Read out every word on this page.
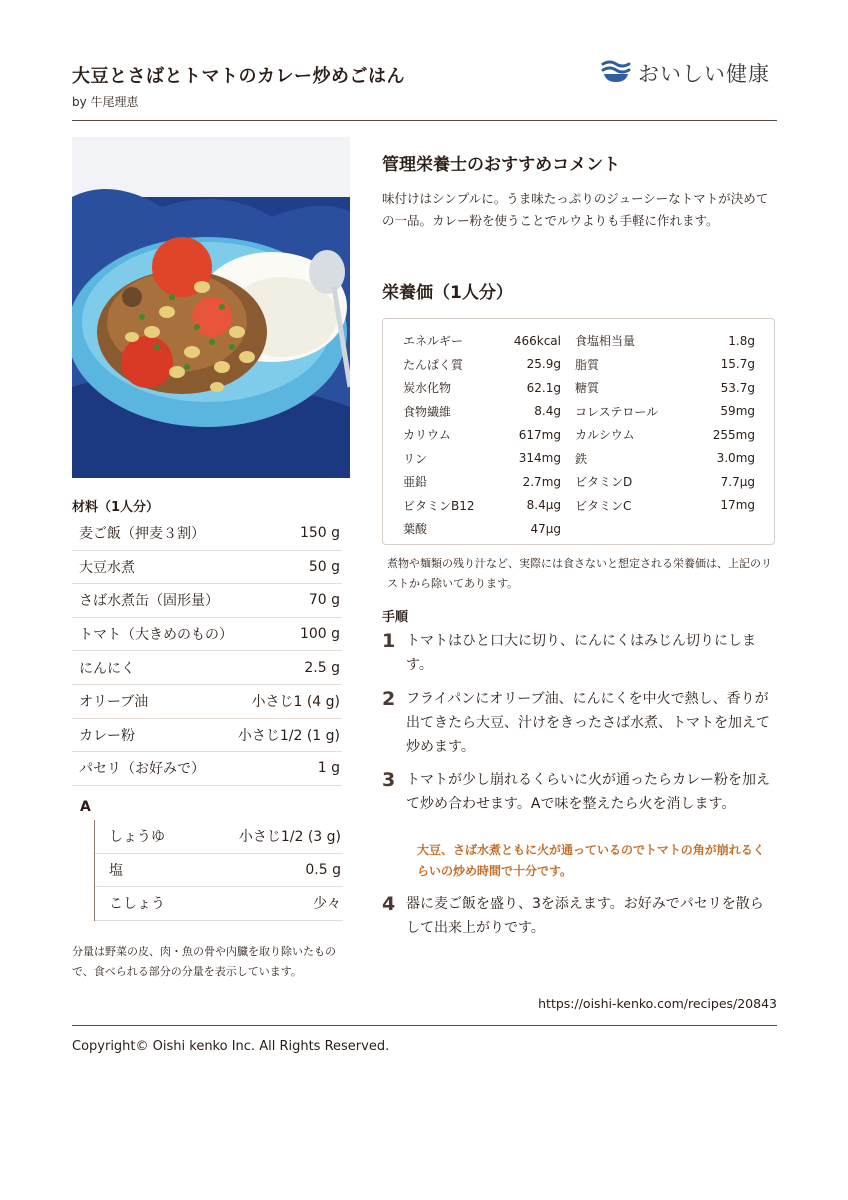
大豆とさばとトマトのカレー炒めごはん
by 牛尾理恵
おいしい健康
材料（1人分）
麦ご飯（押麦３割）	150 g
大豆水煮	50 g
さば水煮缶（固形量）	70 g
トマト（大きめのもの）	100 g
にんにく	2.5 g
オリーブ油	小さじ1 (4 g)
カレー粉	小さじ1/2 (1 g)
パセリ（お好みで）	1 g
A
しょうゆ	小さじ1/2 (3 g)
塩	0.5 g
こしょう	少々
分量は野菜の皮、肉・魚の骨や内臓を取り除いたもので、食べられる部分の分量を表示しています。
管理栄養士のおすすめコメント
味付けはシンプルに。うま味たっぷりのジューシーなトマトが決めての一品。カレー粉を使うことでルウよりも手軽に作れます。
栄養価（1人分）
エネルギー	466kcal 食塩相当量	1.8g
たんぱく質	25.9g 脂質	15.7g
炭水化物	62.1g 糖質	53.7g
食物繊維	8.4g コレステロール	59mg
カリウム	617mg カルシウム	255mg
リン	314mg 鉄	3.0mg
亜鉛	2.7mg ビタミンD	7.7μg
ビタミンB12	8.4μg ビタミンC	17mg
葉酸	47μg
煮物や麺類の残り汁など、実際には食さないと想定される栄養価は、上記のリストから除いてあります。
手順
1 トマトはひと口大に切り、にんにくはみじん切りにします。
2 フライパンにオリーブ油、にんにくを中火で熱し、香りが出てきたら大豆、汁けをきったさば水煮、トマトを加えて炒めます。
3 トマトが少し崩れるくらいに火が通ったらカレー粉を加えて炒め合わせます。Aで味を整えたら火を消します。
大豆、さば水煮ともに火が通っているのでトマトの角が崩れるくらいの炒め時間で十分です。
4 器に麦ご飯を盛り、3を添えます。お好みでパセリを散らして出来上がりです。
https://oishi-kenko.com/recipes/20843
Copyright© Oishi kenko Inc. All Rights Reserved.
